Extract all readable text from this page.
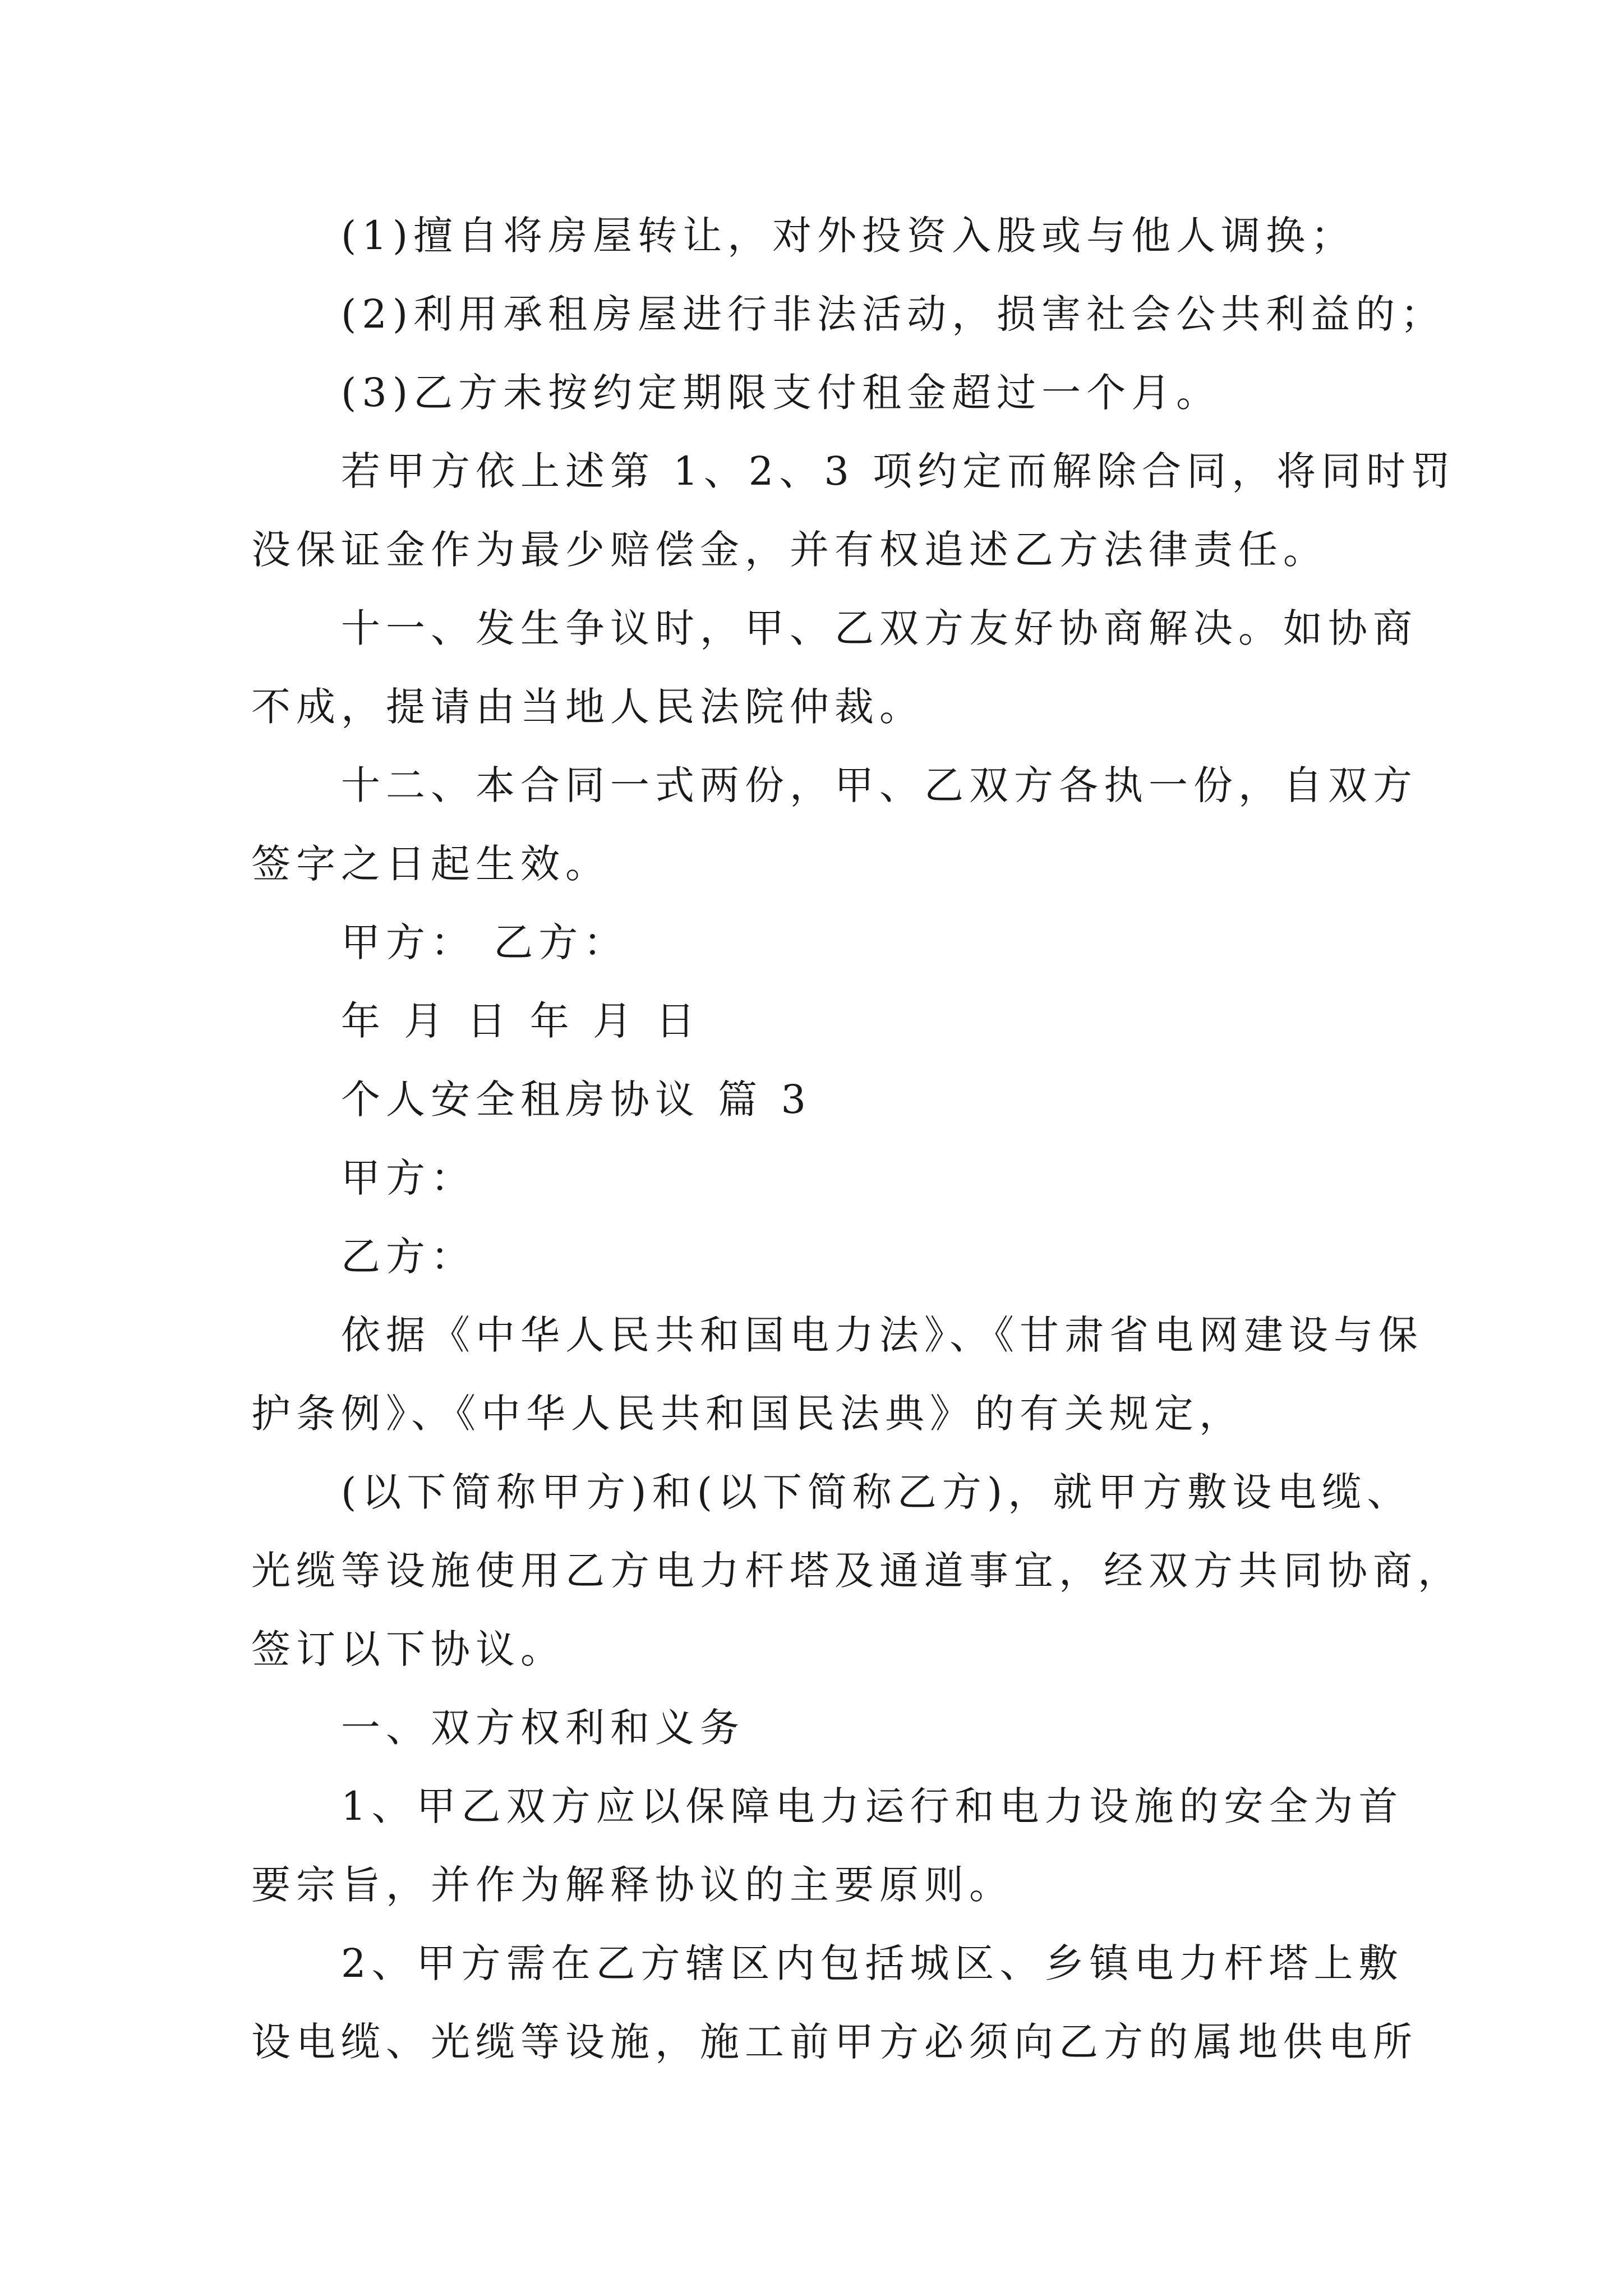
(1)擅自将房屋转让，对外投资入股或与他人调换；
(2)利用承租房屋进行非法活动，损害社会公共利益的；
(3)乙方未按约定期限支付租金超过一个月。
若甲方依上述第 1、2、3 项约定而解除合同，将同时罚
没保证金作为最少赔偿金，并有权追述乙方法律责任。
十一、发生争议时，甲、乙双方友好协商解决。如协商
不成，提请由当地人民法院仲裁。
十二、本合同一式两份，甲、乙双方各执一份，自双方
签字之日起生效。
甲方： 乙方：
年 月 日 年 月 日
个人安全租房协议 篇 3
甲方：
乙方：
依据《中华人民共和国电力法》、《甘肃省电网建设与保
护条例》、《中华人民共和国民法典》的有关规定，
(以下简称甲方)和(以下简称乙方)，就甲方敷设电缆、
光缆等设施使用乙方电力杆塔及通道事宜，经双方共同协商，
签订以下协议。
一、双方权利和义务
1、甲乙双方应以保障电力运行和电力设施的安全为首
要宗旨，并作为解释协议的主要原则。
2、甲方需在乙方辖区内包括城区、乡镇电力杆塔上敷
设电缆、光缆等设施，施工前甲方必须向乙方的属地供电所
